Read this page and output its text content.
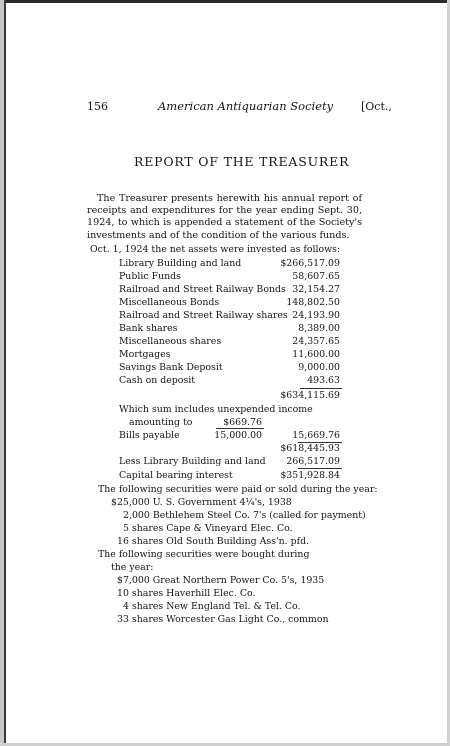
156	American Antiquarian Society	[Oct.,
REPORT OF THE TREASURER
The Treasurer presents herewith his annual report of receipts and expenditures for the year ending Sept. 30, 1924, to which is appended a statement of the Society's investments and of the condition of the various funds.
Oct. 1, 1924 the net assets were invested as follows:
Library Building and land	$266,517.09
Public Funds	58,607.65
Railroad and Street Railway Bonds 32,154.27
Miscellaneous Bonds	148,802.50
Railroad and Street Railway shares 24,193.90
Bank shares	8,389.00
Miscellaneous shares	24,357.65
Mortgages	11,600.00
Savings Bank Deposit	9,000.00
Cash on deposit	493.63
$634,115.69
Which sum includes unexpended income
amounting to	$669.76
Bills payable	15,000.00	15,669.76
$618,445.93
Less Library Building and land	266,517.09
Capital bearing interest	$351,928.84
The following securities were paid or sold during the year:
$25,000 U. S. Government 4¼'s, 1938
2,000 Bethlehem Steel Co. 7's (called for payment)
5 shares Cape & Vineyard Elec. Co.
16 shares Old South Building Ass'n. pfd.
The following securities were bought during
the year:
$7,000 Great Northern Power Co. 5's, 1935
10 shares Haverhill Elec. Co.
4 shares New England Tel. & Tel. Co.
33 shares Worcester Gas Light Co., common
